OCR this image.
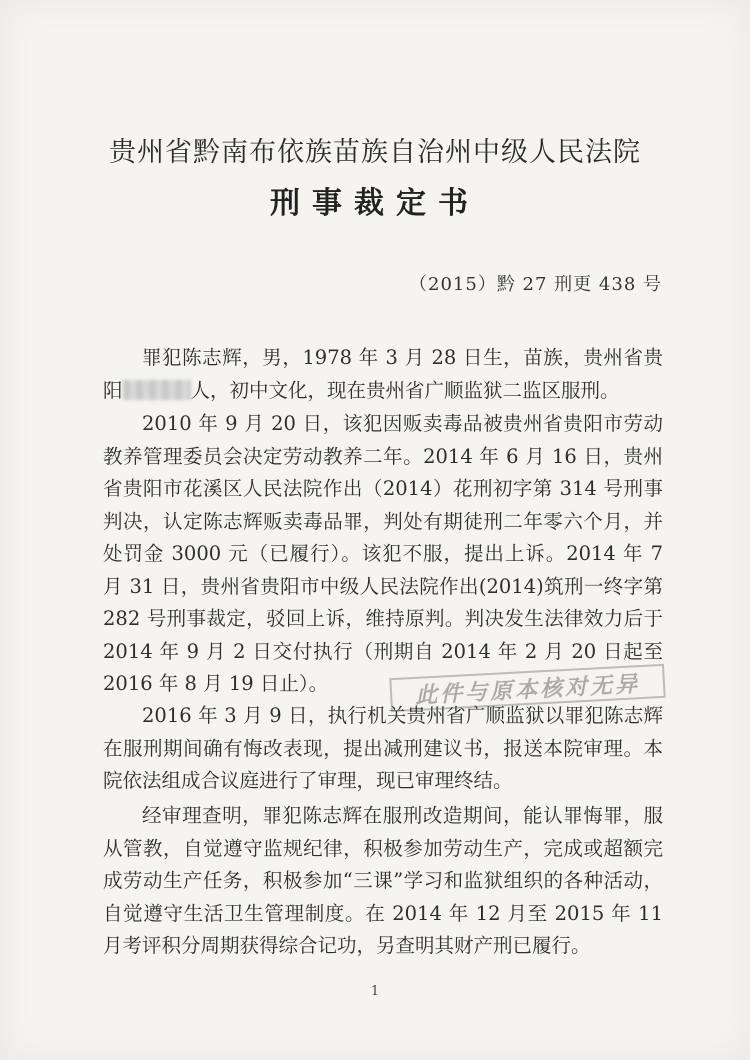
贵州省黔南布依族苗族自治州中级人民法院
刑事裁定书
（2015）黔 27 刑更 438 号
罪犯陈志辉，男，1978 年 3 月 28 日生，苗族，贵州省贵阳	人，初中文化，现在贵州省广顺监狱二监区服刑。
2010 年 9 月 20 日，该犯因贩卖毒品被贵州省贵阳市劳动教养管理委员会决定劳动教养二年。2014 年 6 月 16 日，贵州省贵阳市花溪区人民法院作出（2014）花刑初字第 314 号刑事判决，认定陈志辉贩卖毒品罪，判处有期徒刑二年零六个月，并处罚金 3000 元（已履行）。该犯不服，提出上诉。2014 年 7 月 31 日，贵州省贵阳市中级人民法院作出(2014)筑刑一终字第 282 号刑事裁定，驳回上诉，维持原判。判决发生法律效力后于 2014 年 9 月 2 日交付执行（刑期自 2014 年 2 月 20 日起至 2016 年 8 月 19 日止）。	此件与原本核对无异
2016 年 3 月 9 日，执行机关贵州省广顺监狱以罪犯陈志辉在服刑期间确有悔改表现，提出减刑建议书，报送本院审理。本院依法组成合议庭进行了审理，现已审理终结。
经审理查明，罪犯陈志辉在服刑改造期间，能认罪悔罪，服从管教，自觉遵守监规纪律，积极参加劳动生产，完成或超额完成劳动生产任务，积极参加“三课”学习和监狱组织的各种活动，自觉遵守生活卫生管理制度。在 2014 年 12 月至 2015 年 11 月考评积分周期获得综合记功，另查明其财产刑已履行。
1
